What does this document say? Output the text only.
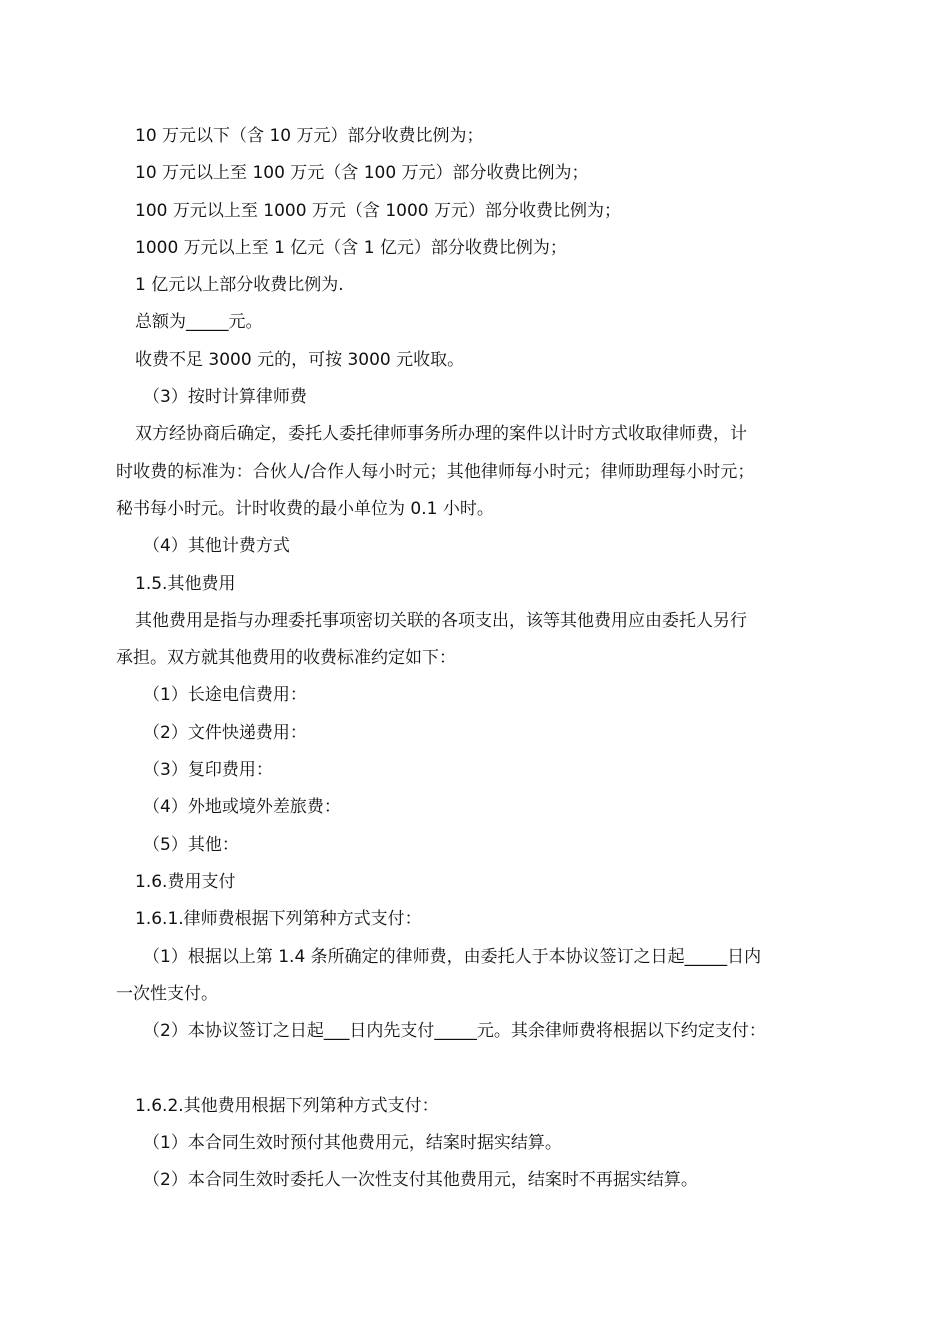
10 万元以下（含 10 万元）部分收费比例为；
10 万元以上至 100 万元（含 100 万元）部分收费比例为；
100 万元以上至 1000 万元（含 1000 万元）部分收费比例为；
1000 万元以上至 1 亿元（含 1 亿元）部分收费比例为；
1 亿元以上部分收费比例为.
总额为_____元。
收费不足 3000 元的，可按 3000 元收取。
（3）按时计算律师费
双方经协商后确定，委托人委托律师事务所办理的案件以计时方式收取律师费，计
时收费的标准为：合伙人/合作人每小时元；其他律师每小时元；律师助理每小时元；
秘书每小时元。计时收费的最小单位为 0.1 小时。
（4）其他计费方式
1.5.其他费用
其他费用是指与办理委托事项密切关联的各项支出，该等其他费用应由委托人另行
承担。双方就其他费用的收费标准约定如下：
（1）长途电信费用：
（2）文件快递费用：
（3）复印费用：
（4）外地或境外差旅费：
（5）其他：
1.6.费用支付
1.6.1.律师费根据下列第种方式支付：
（1）根据以上第 1.4 条所确定的律师费，由委托人于本协议签订之日起_____日内
一次性支付。
（2）本协议签订之日起___日内先支付_____元。其余律师费将根据以下约定支付：
1.6.2.其他费用根据下列第种方式支付：
（1）本合同生效时预付其他费用元，结案时据实结算。
（2）本合同生效时委托人一次性支付其他费用元，结案时不再据实结算。
